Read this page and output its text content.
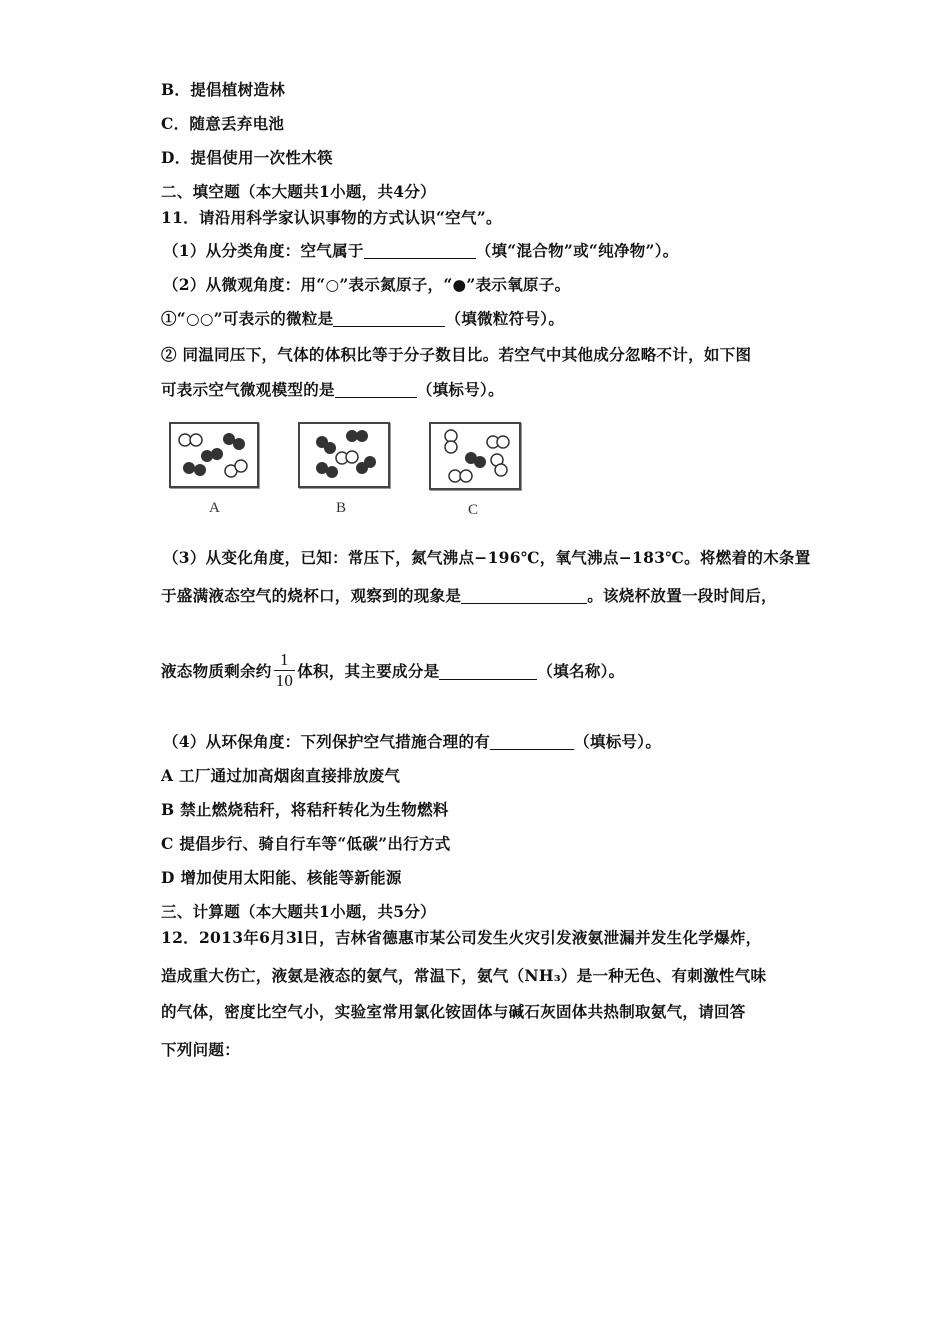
B．提倡植树造林
C．随意丢弃电池
D．提倡使用一次性木筷
二、填空题（本大题共1小题，共4分）
11．请沿用科学家认识事物的方式认识“空气”。
（1）从分类角度：空气属于	（填“混合物”或“纯净物”）。
（2）从微观角度：用“○”表示氮原子，“●”表示氧原子。
①“○○”可表示的微粒是	（填微粒符号）。
② 同温同压下，气体的体积比等于分子数目比。若空气中其他成分忽略不计，如下图
可表示空气微观模型的是	（填标号）。
A	B	C
（3）从变化角度，已知：常压下，氮气沸点−196℃，氧气沸点−183℃。将燃着的木条置
于盛满液态空气的烧杯口，观察到的现象是	。该烧杯放置一段时间后，
液态物质剩余约 $\frac{1}{10}$ 体积，其主要成分是	（填名称）。
（4）从环保角度：下列保护空气措施合理的有	（填标号）。
A 工厂通过加高烟囱直接排放废气
B 禁止燃烧秸秆，将秸秆转化为生物燃料
C 提倡步行、骑自行车等“低碳”出行方式
D 增加使用太阳能、核能等新能源
三、计算题（本大题共1小题，共5分）
12．2013年6月3l日，吉林省德惠市某公司发生火灾引发液氨泄漏并发生化学爆炸，
造成重大伤亡，液氨是液态的氨气，常温下，氨气（NH₃）是一种无色、有刺激性气味
的气体，密度比空气小，实验室常用氯化铵固体与碱石灰固体共热制取氨气，请回答
下列问题：
